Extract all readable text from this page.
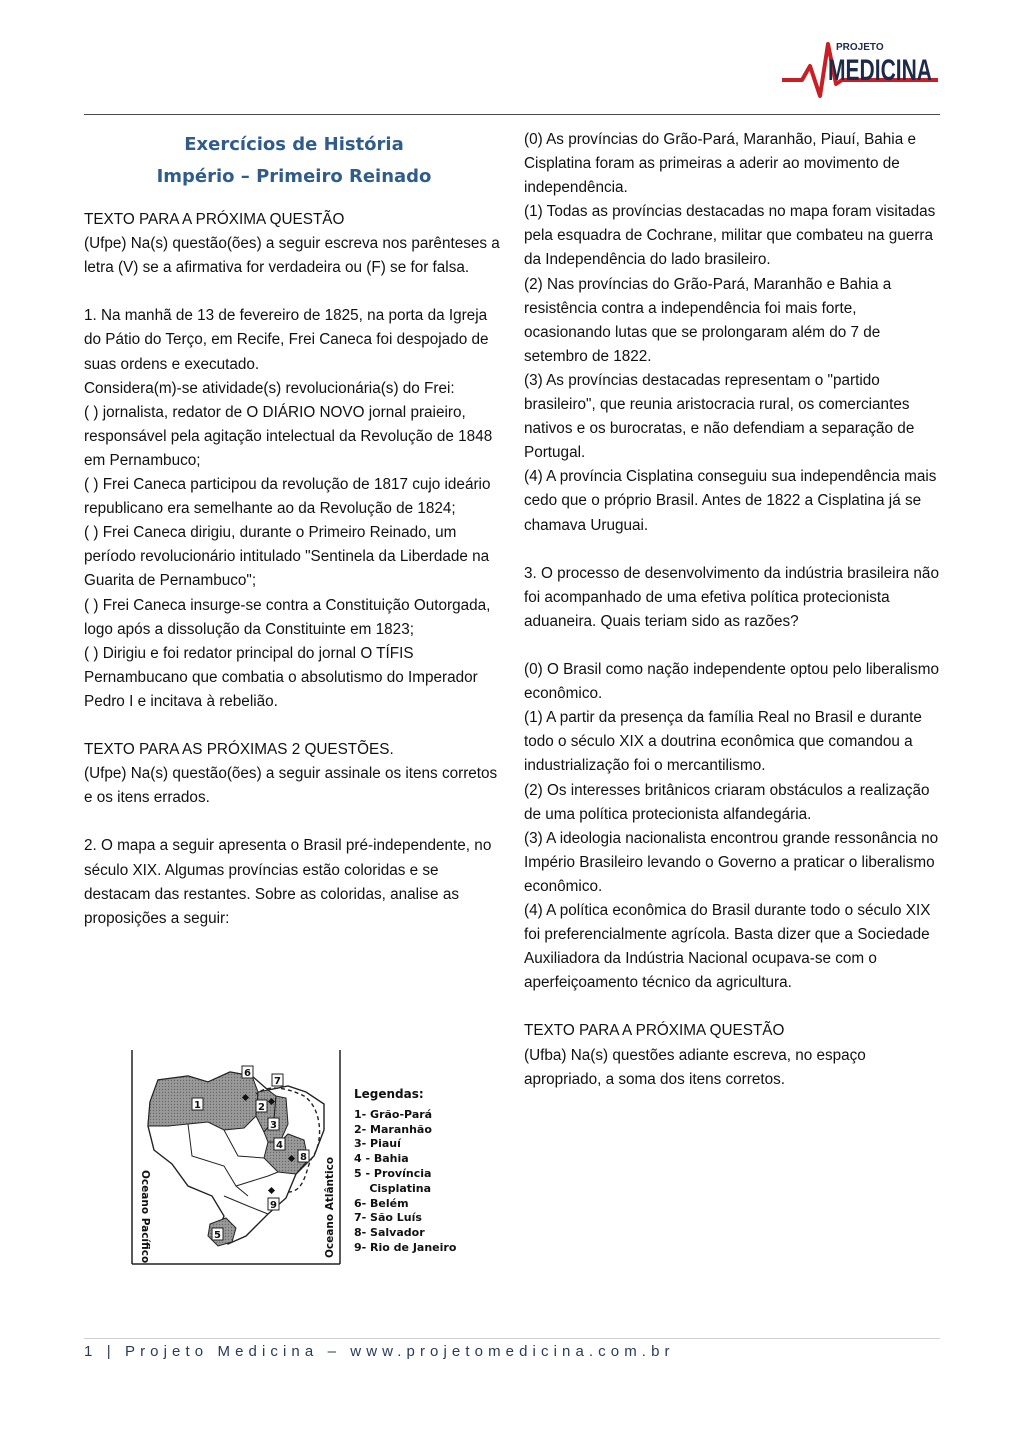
PROJETO
MEDICINA
Exercícios de História
Império – Primeiro Reinado

TEXTO PARA A PRÓXIMA QUESTÃO

(Ufpe) Na(s) questão(ões) a seguir escreva nos parênteses a letra (V) se a afirmativa for verdadeira ou (F) se for falsa.

1. Na manhã de 13 de fevereiro de 1825, na porta da Igreja do Pátio do Terço, em Recife, Frei Caneca foi despojado de suas ordens e executado.

Considera(m)-se atividade(s) revolucionária(s) do Frei:

( ) jornalista, redator de O DIÁRIO NOVO jornal praieiro, responsável pela agitação intelectual da Revolução de 1848 em Pernambuco;

( ) Frei Caneca participou da revolução de 1817 cujo ideário republicano era semelhante ao da Revolução de 1824;

( ) Frei Caneca dirigiu, durante o Primeiro Reinado, um período revolucionário intitulado "Sentinela da Liberdade na Guarita de Pernambuco";

( ) Frei Caneca insurge-se contra a Constituição Outorgada, logo após a dissolução da Constituinte em 1823;

( ) Dirigiu e foi redator principal do jornal O TÍFIS Pernambucano que combatia o absolutismo do Imperador Pedro I e incitava à rebelião.

TEXTO PARA AS PRÓXIMAS 2 QUESTÕES.

(Ufpe) Na(s) questão(ões) a seguir assinale os itens corretos e os itens errados.

2. O mapa a seguir apresenta o Brasil pré-independente, no século XIX. Algumas províncias estão coloridas e se destacam das restantes. Sobre as coloridas, analise as proposições a seguir:

(0) As províncias do Grão-Pará, Maranhão, Piauí, Bahia e Cisplatina foram as primeiras a aderir ao movimento de independência.

(1) Todas as províncias destacadas no mapa foram visitadas pela esquadra de Cochrane, militar que combateu na guerra da Independência do lado brasileiro.

(2) Nas províncias do Grão-Pará, Maranhão e Bahia a resistência contra a independência foi mais forte, ocasionando lutas que se prolongaram além do 7 de setembro de 1822.

(3) As províncias destacadas representam o "partido brasileiro", que reunia aristocracia rural, os comerciantes nativos e os burocratas, e não defendiam a separação de Portugal.

(4) A província Cisplatina conseguiu sua independência mais cedo que o próprio Brasil. Antes de 1822 a Cisplatina já se chamava Uruguai.

3. O processo de desenvolvimento da indústria brasileira não foi acompanhado de uma efetiva política protecionista aduaneira. Quais teriam sido as razões?

(0) O Brasil como nação independente optou pelo liberalismo econômico.

(1) A partir da presença da família Real no Brasil e durante todo o século XIX a doutrina econômica que comandou a industrialização foi o mercantilismo.

(2) Os interesses britânicos criaram obstáculos a realização de uma política protecionista alfandegária.

(3) A ideologia nacionalista encontrou grande ressonância no Império Brasileiro levando o Governo a praticar o liberalismo econômico.

(4) A política econômica do Brasil durante todo o século XIX foi preferencialmente agrícola. Basta dizer que a Sociedade Auxiliadora da Indústria Nacional ocupava-se com o aperfeiçoamento técnico da agricultura.

TEXTO PARA A PRÓXIMA QUESTÃO

(Ufba) Na(s) questões adiante escreva, no espaço apropriado, a soma dos itens corretos.

1	2
3
4
5
6
7
8
9
Oceano Pacífico	Oceano Atlântico
Legendas:
1- Grão-Pará
2- Maranhão
3- Piauí
4 - Bahia
5 - Província
Cisplatina
6- Belém
7- São Luís
8- Salvador
9- Rio de Janeiro
1 | Projeto Medicina – www.projetomedicina.com.br
